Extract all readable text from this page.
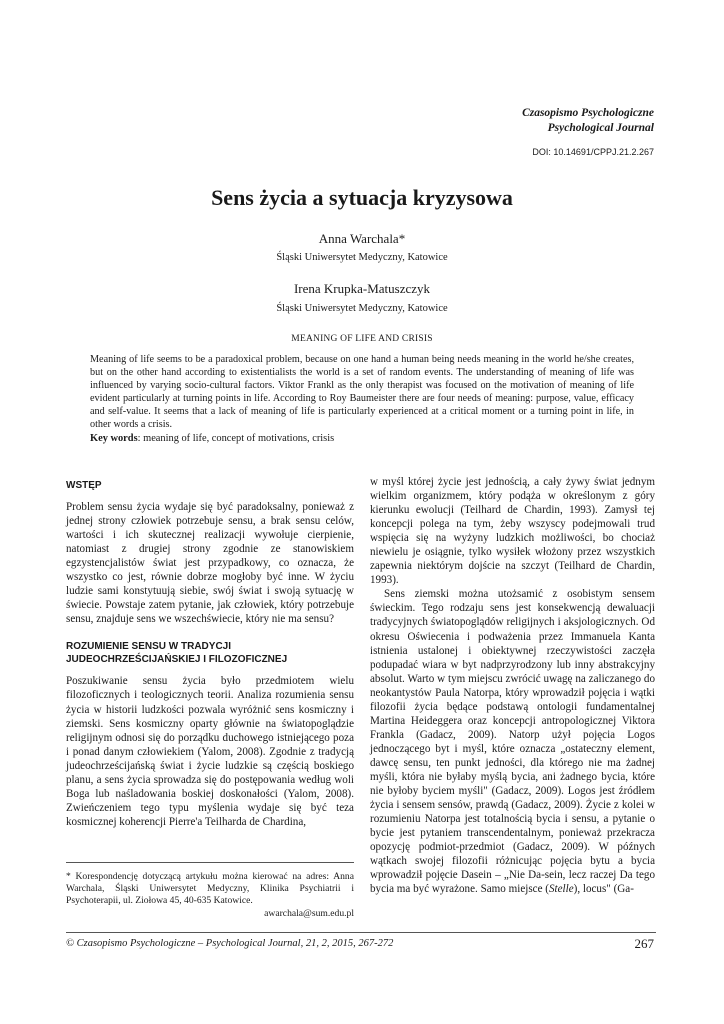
Czasopismo Psychologiczne
Psychological Journal
DOI: 10.14691/CPPJ.21.2.267
Sens życia a sytuacja kryzysowa
Anna Warchala*
Śląski Uniwersytet Medyczny, Katowice
Irena Krupka-Matuszczyk
Śląski Uniwersytet Medyczny, Katowice
MEANING OF LIFE AND CRISIS

Meaning of life seems to be a paradoxical problem, because on one hand a human being needs meaning in the world he/she creates, but on the other hand according to existentialists the world is a set of random events. The understanding of meaning of life was influenced by varying socio-cultural factors. Viktor Frankl as the only therapist was focused on the motivation of meaning of life evident particularly at turning points in life. According to Roy Baumeister there are four needs of meaning: purpose, value, efficacy and self-value. It seems that a lack of meaning of life is particularly experienced at a critical moment or a turning point in life, in other words a crisis.

Key words: meaning of life, concept of motivations, crisis
WSTĘP

Problem sensu życia wydaje się być paradoksalny, ponieważ z jednej strony człowiek potrzebuje sensu, a brak sensu celów, wartości i ich skutecznej realizacji wywołuje cierpienie, natomiast z drugiej strony zgodnie ze stanowiskiem egzystencjalistów świat jest przypadkowy, co oznacza, że wszystko co jest, równie dobrze mogłoby być inne. W życiu ludzie sami konstytuują siebie, swój świat i swoją sytuację w świecie. Powstaje zatem pytanie, jak człowiek, który potrzebuje sensu, znajduje sens we wszechświecie, który nie ma sensu?

ROZUMIENIE SENSU W TRADYCJI JUDEOCHRZEŚCIJAŃSKIEJ I FILOZOFICZNEJ

Poszukiwanie sensu życia było przedmiotem wielu filozoficznych i teologicznych teorii. Analiza rozumienia sensu życia w historii ludzkości pozwala wyróżnić sens kosmiczny i ziemski. Sens kosmiczny oparty głównie na światopoglądzie religijnym odnosi się do porządku duchowego istniejącego poza i ponad danym człowiekiem (Yalom, 2008). Zgodnie z tradycją judeochrześcijańską świat i życie ludzkie są częścią boskiego planu, a sens życia sprowadza się do postępowania według woli Boga lub naśladowania boskiej doskonałości (Yalom, 2008). Zwieńczeniem tego typu myślenia wydaje się być teza kosmicznej koherencji Pierre'a Teilharda de Chardina,

w myśl której życie jest jednością, a cały żywy świat jednym wielkim organizmem, który podąża w określonym z góry kierunku ewolucji (Teilhard de Chardin, 1993). Zamysł tej koncepcji polega na tym, żeby wszyscy podejmowali trud wspięcia się na wyżyny ludzkich możliwości, bo chociaż niewielu je osiągnie, tylko wysiłek włożony przez wszystkich zapewnia niektórym dojście na szczyt (Teilhard de Chardin, 1993).

Sens ziemski można utożsamić z osobistym sensem świeckim. Tego rodzaju sens jest konsekwencją dewaluacji tradycyjnych światopoglądów religijnych i aksjologicznych. Od okresu Oświecenia i podważenia przez Immanuela Kanta istnienia ustalonej i obiektywnej rzeczywistości zaczęła podupadać wiara w byt nadprzyrodzony lub inny abstrakcyjny absolut. Warto w tym miejscu zwrócić uwagę na zaliczanego do neokantystów Paula Natorpa, który wprowadził pojęcia i wątki filozofii życia będące podstawą ontologii fundamentalnej Martina Heideggera oraz koncepcji antropologicznej Viktora Frankla (Gadacz, 2009). Natorp użył pojęcia Logos jednoczącego byt i myśl, które oznacza „ostateczny element, dawcę sensu, ten punkt jedności, dla którego nie ma żadnej myśli, która nie byłaby myślą bycia, ani żadnego bycia, które nie byłoby byciem myśli" (Gadacz, 2009). Logos jest źródłem życia i sensem sensów, prawdą (Gadacz, 2009). Życie z kolei w rozumieniu Natorpa jest totalnością bycia i sensu, a pytanie o bycie jest pytaniem transcendentalnym, ponieważ przekracza opozycję podmiot-przedmiot (Gadacz, 2009). W późnych wątkach swojej filozofii różnicując pojęcia bytu a bycia wprowadził pojęcie Dasein – „Nie Da-sein, lecz raczej Da tego bycia ma być wyrażone. Samo miejsce (Stelle), locus" (Ga-

* Korespondencję dotyczącą artykułu można kierować na adres: Anna Warchala, Śląski Uniwersytet Medyczny, Klinika Psychiatrii i Psychoterapii, ul. Ziołowa 45, 40-635 Katowice.

awarchala@sum.edu.pl
© Czasopismo Psychologiczne – Psychological Journal, 21, 2, 2015, 267-272	267
